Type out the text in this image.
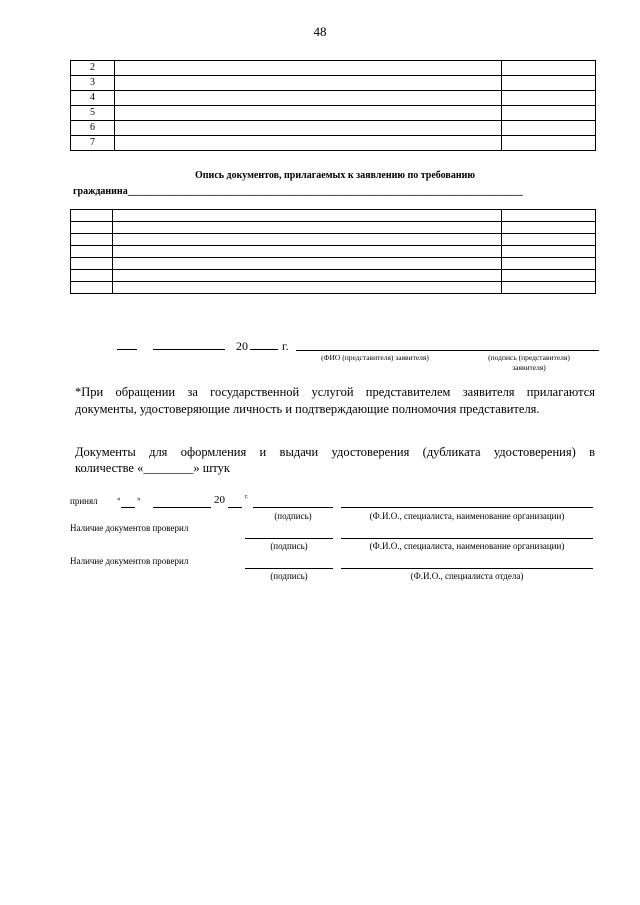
48
2		
3		
4		
5		
6		
7		
Опись документов, прилагаемых к заявлению по требованию
гражданина_______________________________________________________________________________

20	г.
(ФИО (представителя) заявителя)	(подпись (представителя)
заявителя)
*При обращении за государственной услугой представителем заявителя прилагаются документы, удостоверяющие личность и подтверждающие полномочия представителя.
Документы для оформления и выдачи удостоверения (дубликата удостоверения) в
количестве «________» штук
принял	« »	20	г.
(подпись)	(Ф.И.О., специалиста, наименование организации)
Наличие документов проверил
(подпись)	(Ф.И.О., специалиста, наименование организации)
Наличие документов проверил
(подпись)	(Ф.И.О., специалиста отдела)
